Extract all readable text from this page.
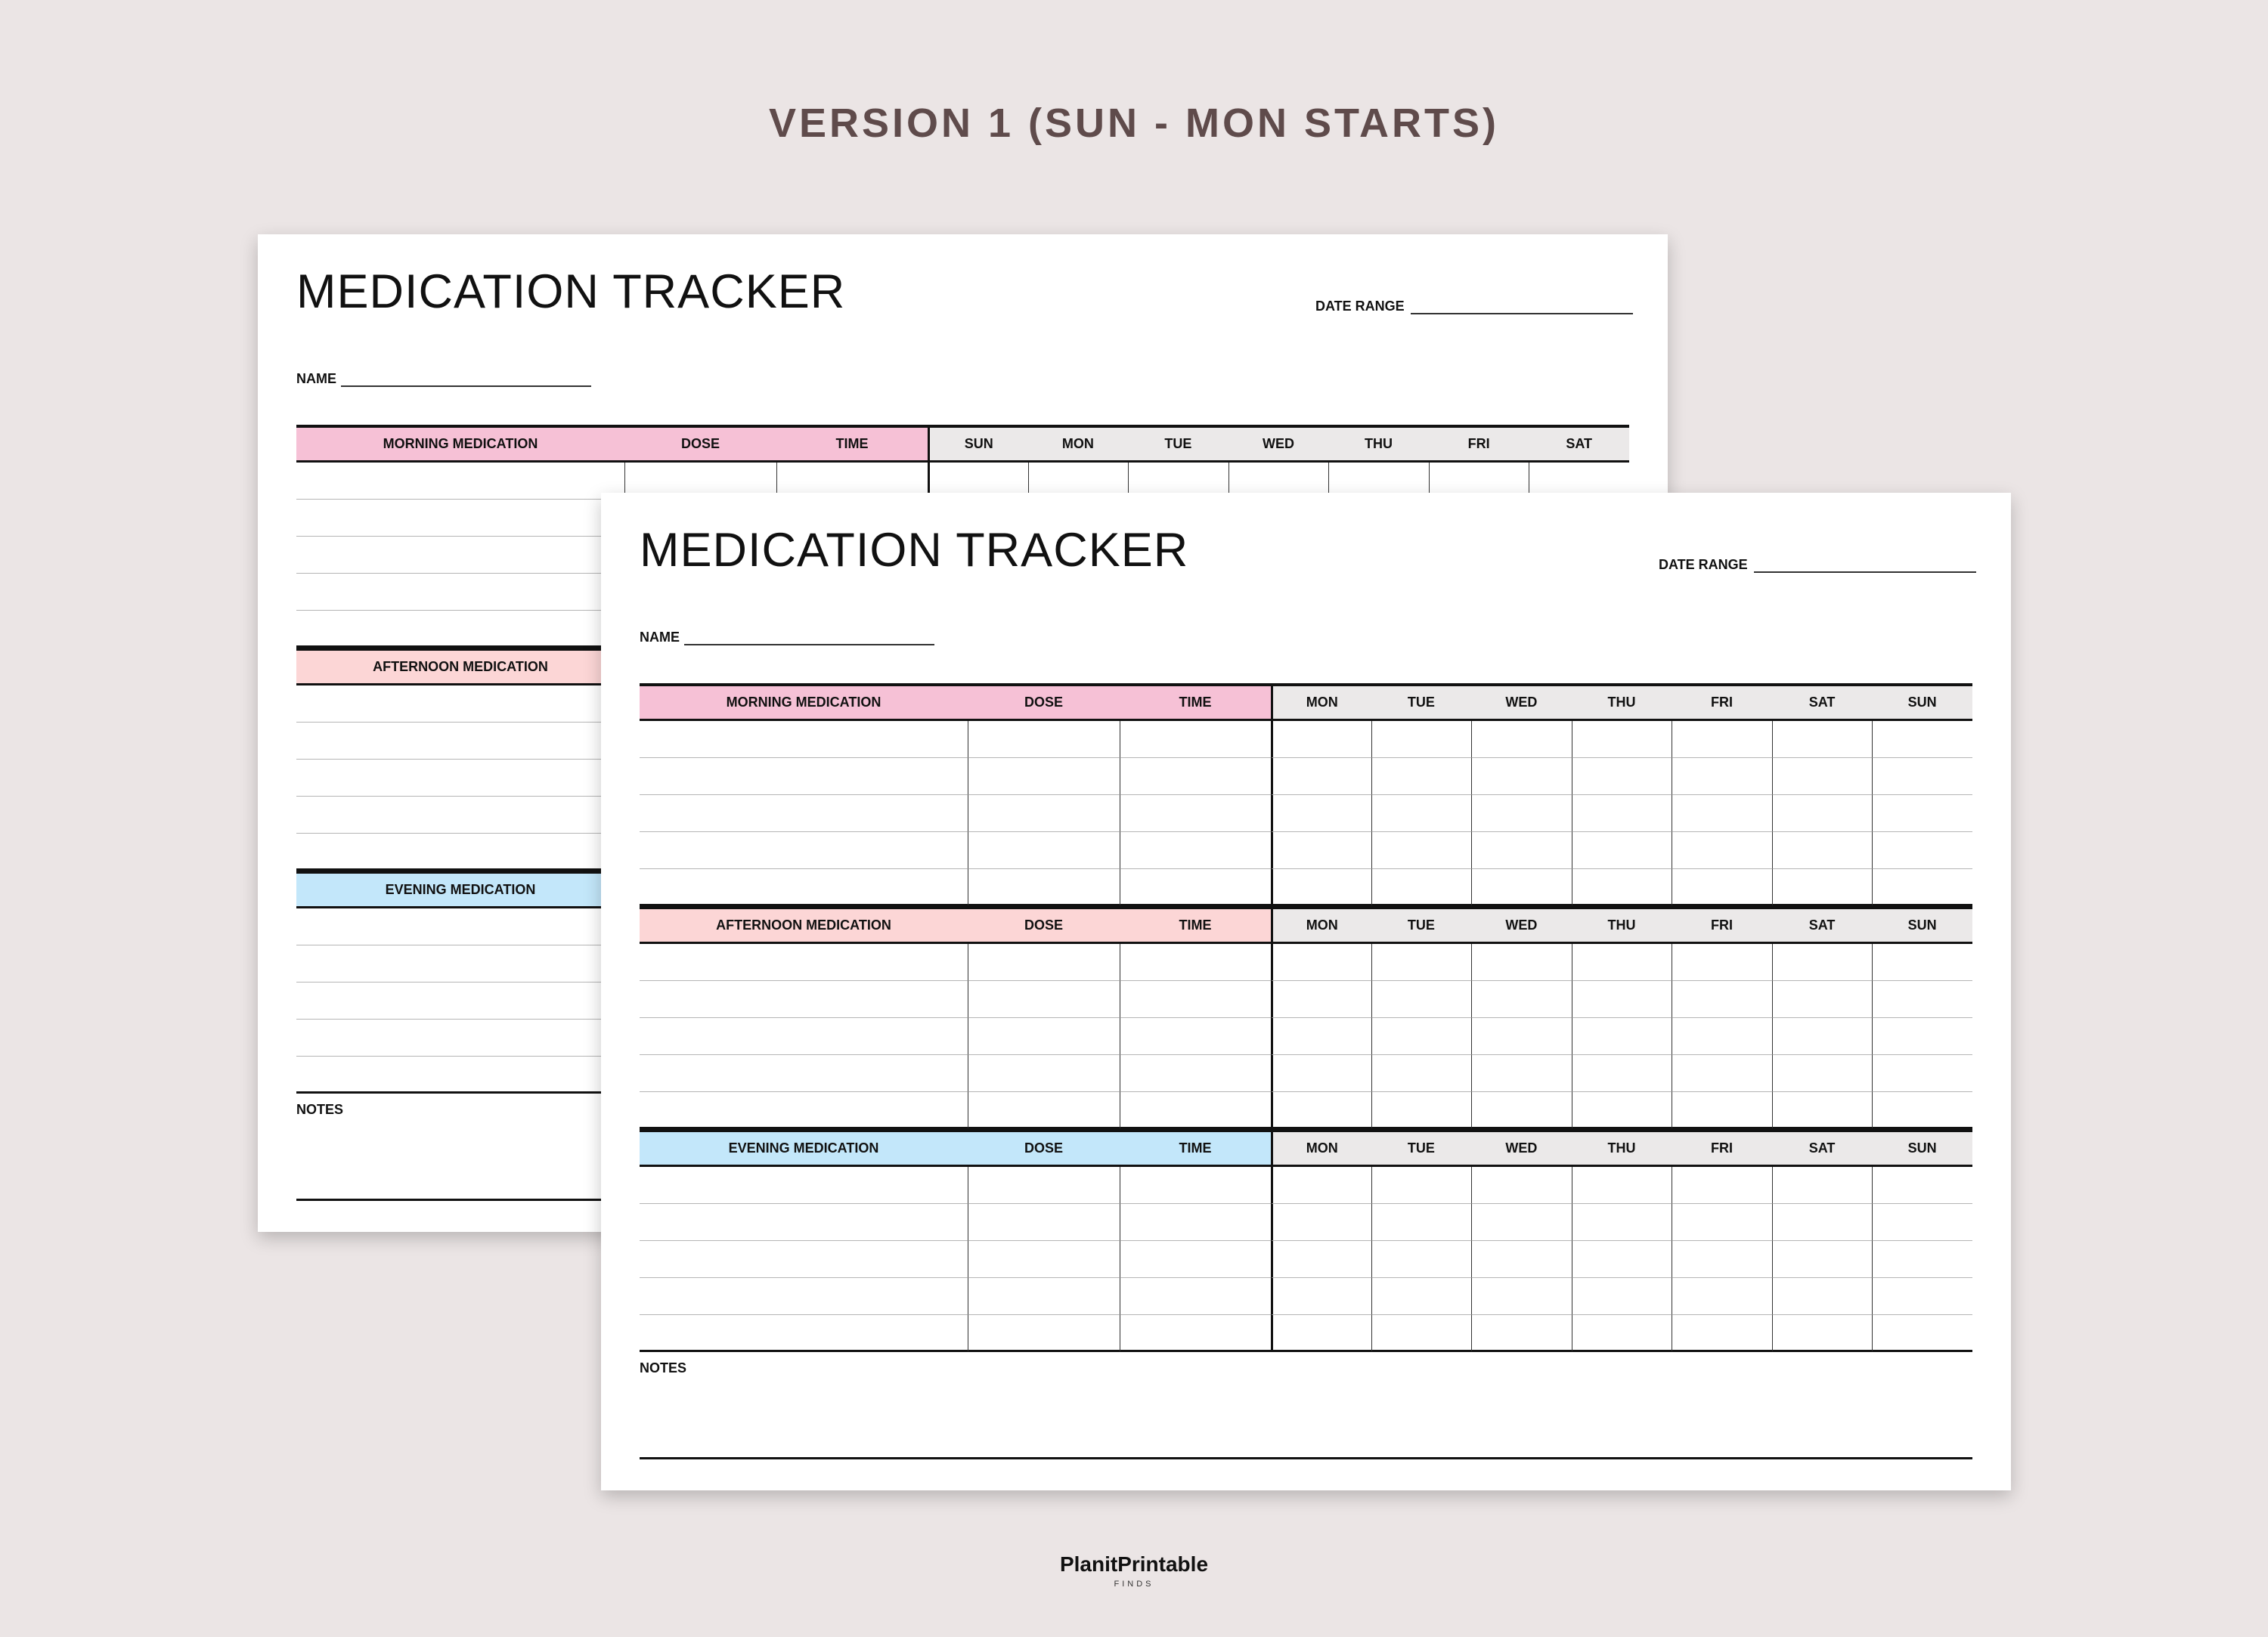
VERSION 1 (SUN - MON STARTS)
MEDICATION TRACKER	DATE RANGE
NAME
MORNING MEDICATION	DOSE	TIME	SUN	MON	TUE	WED	THU	FRI	SAT
AFTERNOON MEDICATION
EVENING MEDICATION
NOTES
MEDICATION TRACKER	DATE RANGE
NAME
MORNING MEDICATION	DOSE	TIME	MON	TUE	WED	THU	FRI	SAT	SUN
AFTERNOON MEDICATION	DOSE	TIME	MON	TUE	WED	THU	FRI	SAT	SUN
EVENING MEDICATION	DOSE	TIME	MON	TUE	WED	THU	FRI	SAT	SUN
NOTES
PlanitPrintable
FINDS
